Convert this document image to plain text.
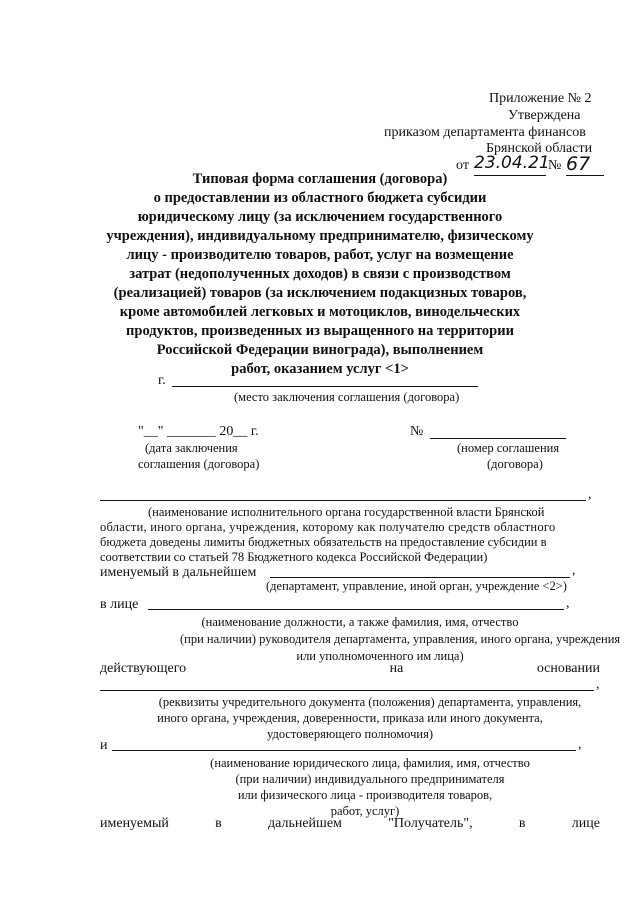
Приложение № 2
Утверждена
приказом департамента финансов
Брянской области
от 23.04.21
№ 67
Типовая форма соглашения (договора)
о предоставлении из областного бюджета субсидии
юридическому лицу (за исключением государственного
учреждения), индивидуальному предпринимателю, физическому
лицу - производителю товаров, работ, услуг на возмещение
затрат (недополученных доходов) в связи с производством
(реализацией) товаров (за исключением подакцизных товаров,
кроме автомобилей легковых и мотоциклов, винодельческих
продуктов, произведенных из выращенного на территории
Российской Федерации винограда), выполнением
работ, оказанием услуг <1>
г.
(место заключения соглашения (договора)
"__" _______ 20__ г.	№
(дата заключения
соглашения (договора)
(номер соглашения
(договора)
,
(наименование исполнительного органа государственной власти Брянской
области, иного органа, учреждения, которому как получателю средств областного
бюджета доведены лимиты бюджетных обязательств на предоставление субсидии в
соответствии со статьей 78 Бюджетного кодекса Российской Федерации)
именуемый в дальнейшем	,
(департамент, управление, иной орган, учреждение <2>)
в лице	,
(наименование должности, а также фамилия, имя, отчество
(при наличии) руководителя департамента, управления, иного органа, учреждения
или уполномоченного им лица)
действующего	на	основании
,
(реквизиты учредительного документа (положения) департамента, управления,
иного органа, учреждения, доверенности, приказа или иного документа,
удостоверяющего полномочия)
и	,
(наименование юридического лица, фамилия, имя, отчество
(при наличии) индивидуального предпринимателя
или физического лица - производителя товаров,
работ, услуг)
именуемый	в	дальнейшем	"Получатель",	в	лице
